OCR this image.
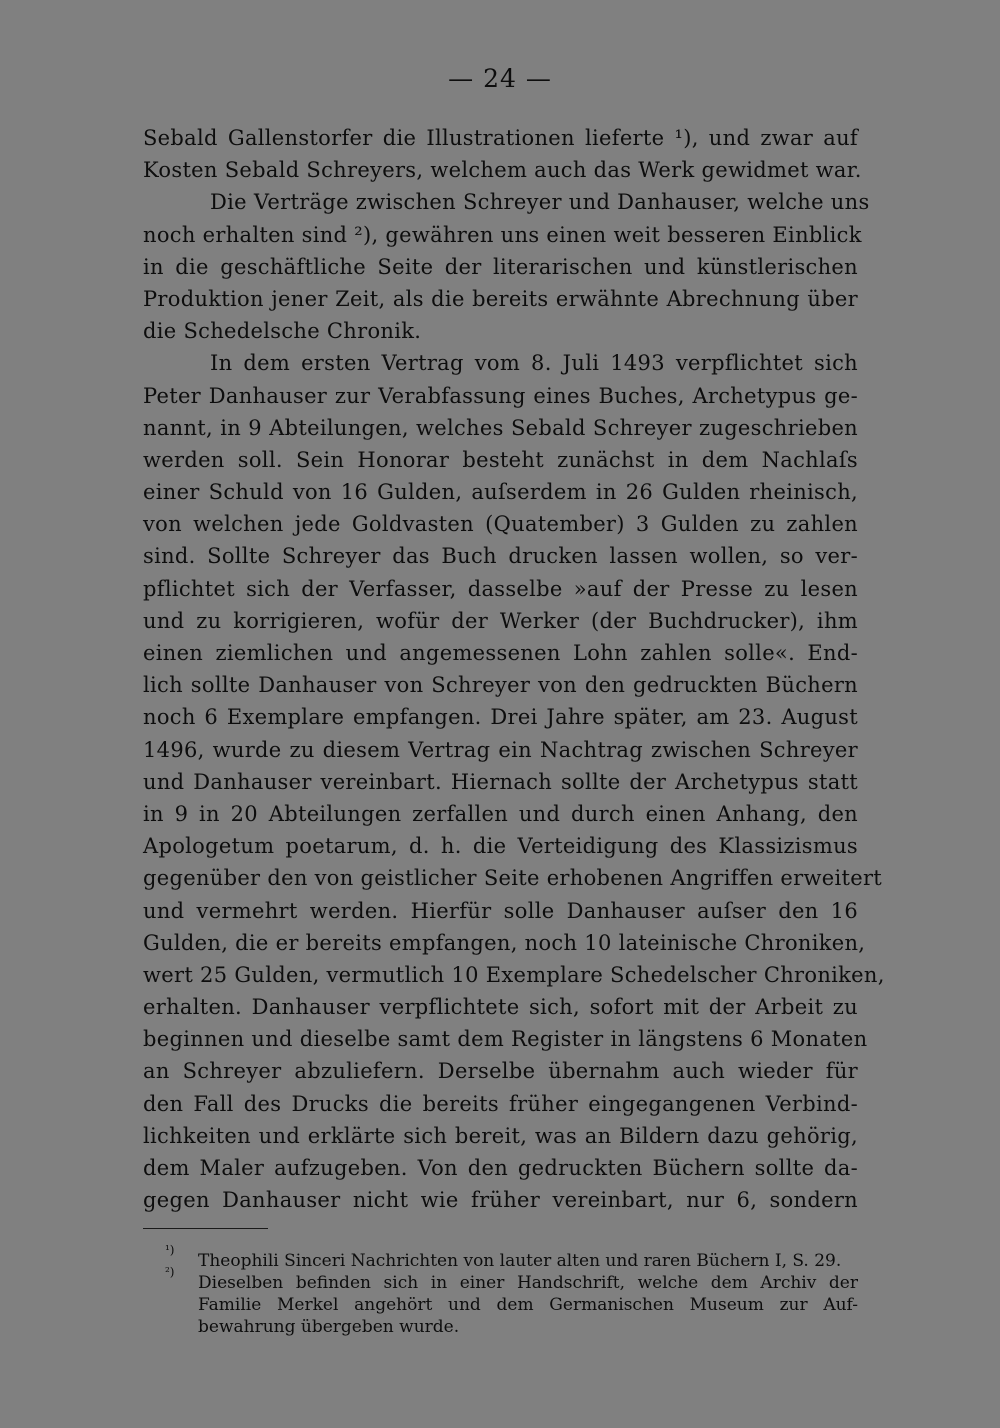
— 24 —
Sebald Gallenstorfer die Illustrationen lieferte ¹), und zwar auf
Kosten Sebald Schreyers, welchem auch das Werk gewidmet war.
Die Verträge zwischen Schreyer und Danhauser, welche uns
noch erhalten sind ²), gewähren uns einen weit besseren Einblick
in die geschäftliche Seite der literarischen und künstlerischen
Produktion jener Zeit, als die bereits erwähnte Abrechnung über
die Schedelsche Chronik.
In dem ersten Vertrag vom 8. Juli 1493 verpflichtet sich
Peter Danhauser zur Verabfassung eines Buches, Archetypus ge-
nannt, in 9 Abteilungen, welches Sebald Schreyer zugeschrieben
werden soll. Sein Honorar besteht zunächst in dem Nachlaſs
einer Schuld von 16 Gulden, auſserdem in 26 Gulden rheinisch,
von welchen jede Goldvasten (Quatember) 3 Gulden zu zahlen
sind. Sollte Schreyer das Buch drucken lassen wollen, so ver-
pflichtet sich der Verfasser, dasselbe »auf der Presse zu lesen
und zu korrigieren, wofür der Werker (der Buchdrucker), ihm
einen ziemlichen und angemessenen Lohn zahlen solle«. End-
lich sollte Danhauser von Schreyer von den gedruckten Büchern
noch 6 Exemplare empfangen. Drei Jahre später, am 23. August
1496, wurde zu diesem Vertrag ein Nachtrag zwischen Schreyer
und Danhauser vereinbart. Hiernach sollte der Archetypus statt
in 9 in 20 Abteilungen zerfallen und durch einen Anhang, den
Apologetum poetarum, d. h. die Verteidigung des Klassizismus
gegenüber den von geistlicher Seite erhobenen Angriffen erweitert
und vermehrt werden. Hierfür solle Danhauser auſser den 16
Gulden, die er bereits empfangen, noch 10 lateinische Chroniken,
wert 25 Gulden, vermutlich 10 Exemplare Schedelscher Chroniken,
erhalten. Danhauser verpflichtete sich, sofort mit der Arbeit zu
beginnen und dieselbe samt dem Register in längstens 6 Monaten
an Schreyer abzuliefern. Derselbe übernahm auch wieder für
den Fall des Drucks die bereits früher eingegangenen Verbind-
lichkeiten und erklärte sich bereit, was an Bildern dazu gehörig,
dem Maler aufzugeben. Von den gedruckten Büchern sollte da-
gegen Danhauser nicht wie früher vereinbart, nur 6, sondern
¹)
Theophili Sinceri Nachrichten von lauter alten und raren Büchern I, S. 29.
²)
Dieselben befinden sich in einer Handschrift, welche dem Archiv der
Familie Merkel angehört und dem Germanischen Museum zur Auf-
bewahrung übergeben wurde.
